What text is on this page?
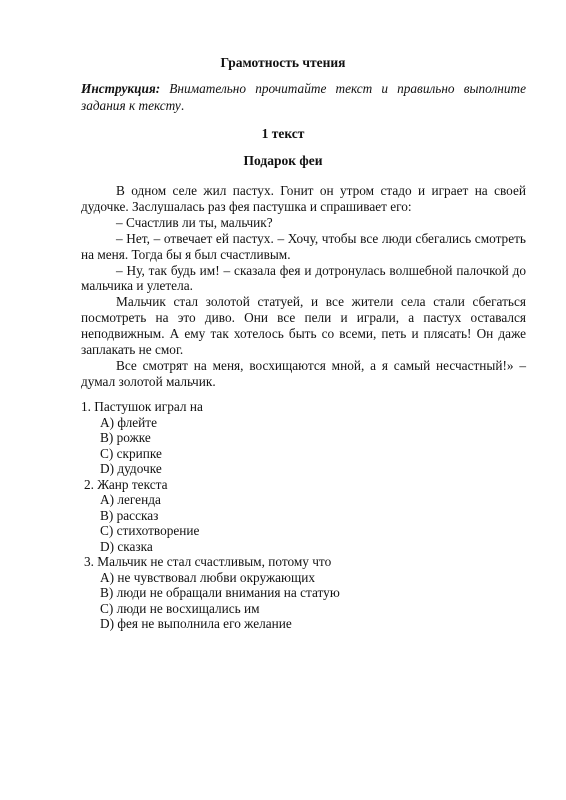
Грамотность чтения
Инструкция: Внимательно прочитайте текст и правильно выполните
задания к тексту.
1 текст
Подарок феи

В одном селе жил пастух. Гонит он утром стадо и играет на своей дудочке. Заслушалась раз фея пастушка и спрашивает его:

– Счастлив ли ты, мальчик?

– Нет, – отвечает ей пастух. – Хочу, чтобы все люди сбегались смотреть на меня. Тогда бы я был счастливым.

– Ну, так будь им! – сказала фея и дотронулась волшебной палочкой до мальчика и улетела.

Мальчик стал золотой статуей, и все жители села стали сбегаться посмотреть на это диво. Они все пели и играли, а пастух оставался неподвижным. А ему так хотелось быть со всеми, петь и плясать! Он даже заплакать не смог.

Все смотрят на меня, восхищаются мной, а я самый несчастный!» – думал золотой мальчик.

1. Пастушок играл на

А) флейте

В) рожке

С) скрипке

D) дудочке

2. Жанр текста

А) легенда

В) рассказ

С) стихотворение

D) сказка

3. Мальчик не стал счастливым, потому что

А) не чувствовал любви окружающих

В) люди не обращали внимания на статую

С) люди не восхищались им

D) фея не выполнила его желание
